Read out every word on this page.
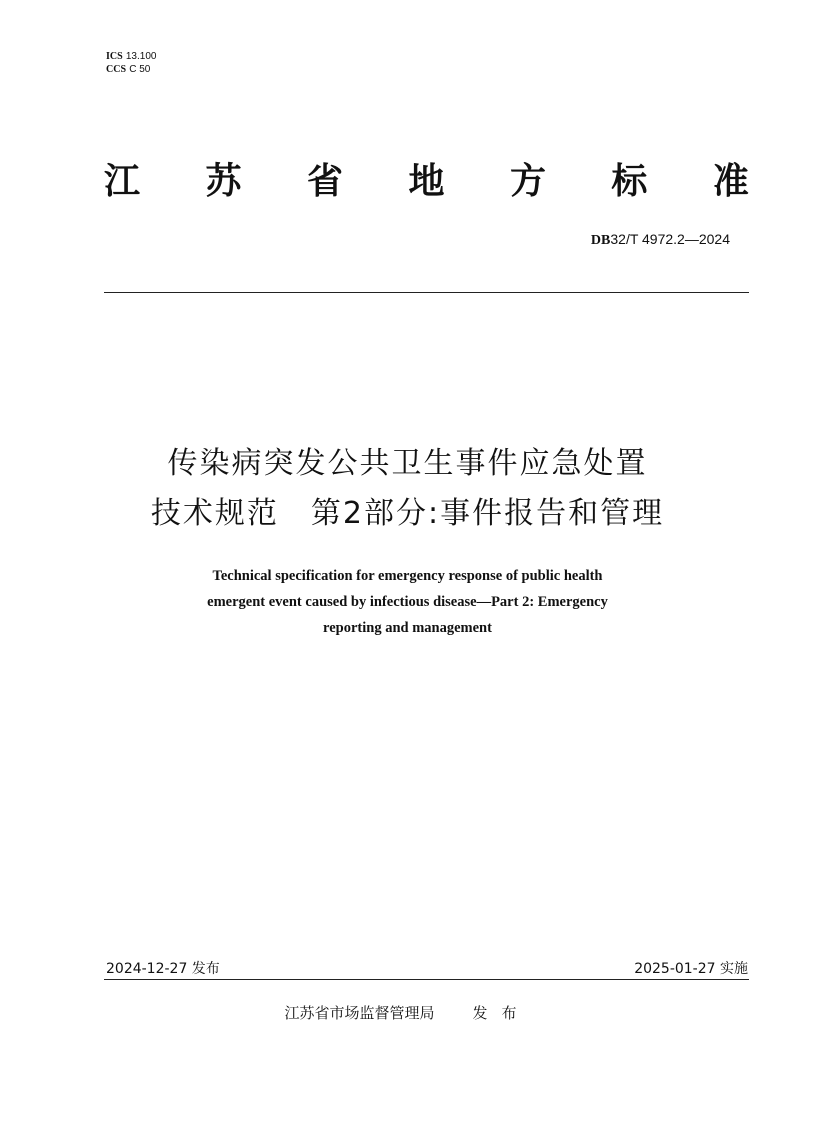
ICS 13.100
CCS C 50
江 苏 省 地 方 标 准
DB32/T 4972.2—2024
传染病突发公共卫生事件应急处置
技术规范　第2部分:事件报告和管理
Technical specification for emergency response of public health
emergent event caused by infectious disease—Part 2: Emergency
reporting and management
2024-12-27 发布	2025-01-27 实施
江苏省市场监督管理局	发布
